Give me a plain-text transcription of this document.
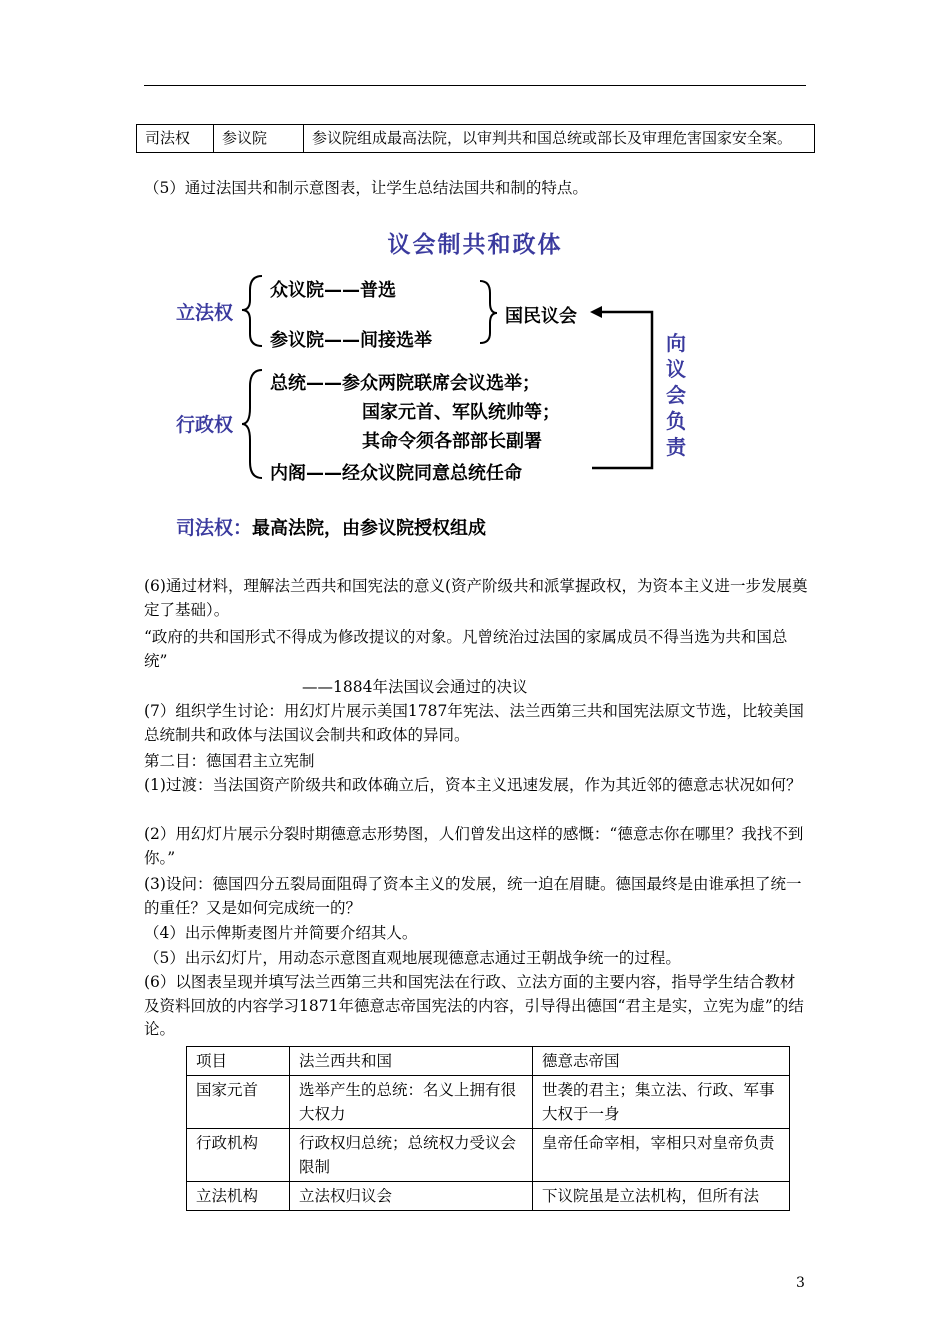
司法权	参议院	参议院组成最高法院，以审判共和国总统或部长及审理危害国家安全案。

（5）通过法国共和制示意图表，让学生总结法国共和制的特点。

议会制共和政体
立法权
众议院——普选
参议院——间接选举
国民议会
行政权
总统——参众两院联席会议选举；
国家元首、军队统帅等；
其命令须各部部长副署
内阁——经众议院同意总统任命
向
议
会
负
责
司法权：最高法院，由参议院授权组成

(6)通过材料，理解法兰西共和国宪法的意义(资产阶级共和派掌握政权，为资本主义进一步发展奠定了基础）。

“政府的共和国形式不得成为修改提议的对象。凡曾统治过法国的家属成员不得当选为共和国总统”

——1884年法国议会通过的决议

(7）组织学生讨论：用幻灯片展示美国1787年宪法、法兰西第三共和国宪法原文节选，比较美国总统制共和政体与法国议会制共和政体的异同。

第二目：德国君主立宪制

(1)过渡：当法国资产阶级共和政体确立后，资本主义迅速发展，作为其近邻的德意志状况如何？

(2）用幻灯片展示分裂时期德意志形势图，人们曾发出这样的感慨：“德意志你在哪里？我找不到你。”

(3)设问：德国四分五裂局面阻碍了资本主义的发展，统一迫在眉睫。德国最终是由谁承担了统一的重任？又是如何完成统一的？

（4）出示俾斯麦图片并简要介绍其人。

（5）出示幻灯片，用动态示意图直观地展现德意志通过王朝战争统一的过程。

(6）以图表呈现并填写法兰西第三共和国宪法在行政、立法方面的主要内容，指导学生结合教材及资料回放的内容学习1871年德意志帝国宪法的内容，引导得出德国“君主是实，立宪为虚”的结论。

项目	法兰西共和国	德意志帝国
国家元首	选举产生的总统：名义上拥有很大权力	世袭的君主；集立法、行政、军事大权于一身
行政机构	行政权归总统；总统权力受议会限制	皇帝任命宰相，宰相只对皇帝负责
立法机构	立法权归议会	下议院虽是立法机构，但所有法
3
